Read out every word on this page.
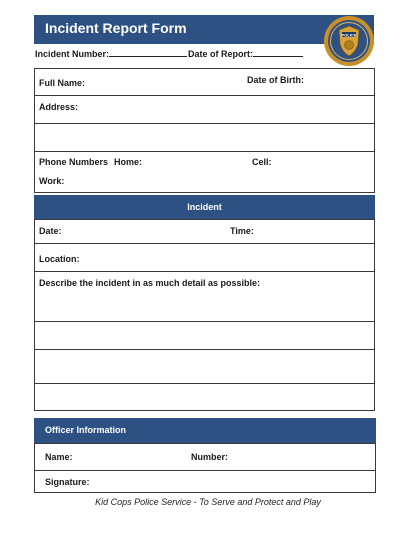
Incident Report Form	POLICE
Incident Number:	Date of Report:
Full Name:	Date of Birth:
Address:
Phone Numbers Home:	Cell:
Work:
Incident
Date:	Time:
Location:
Describe the incident in as much detail as possible:
Officer Information
Name:	Number:
Signature:
Kid Cops Police Service - To Serve and Protect and Play
